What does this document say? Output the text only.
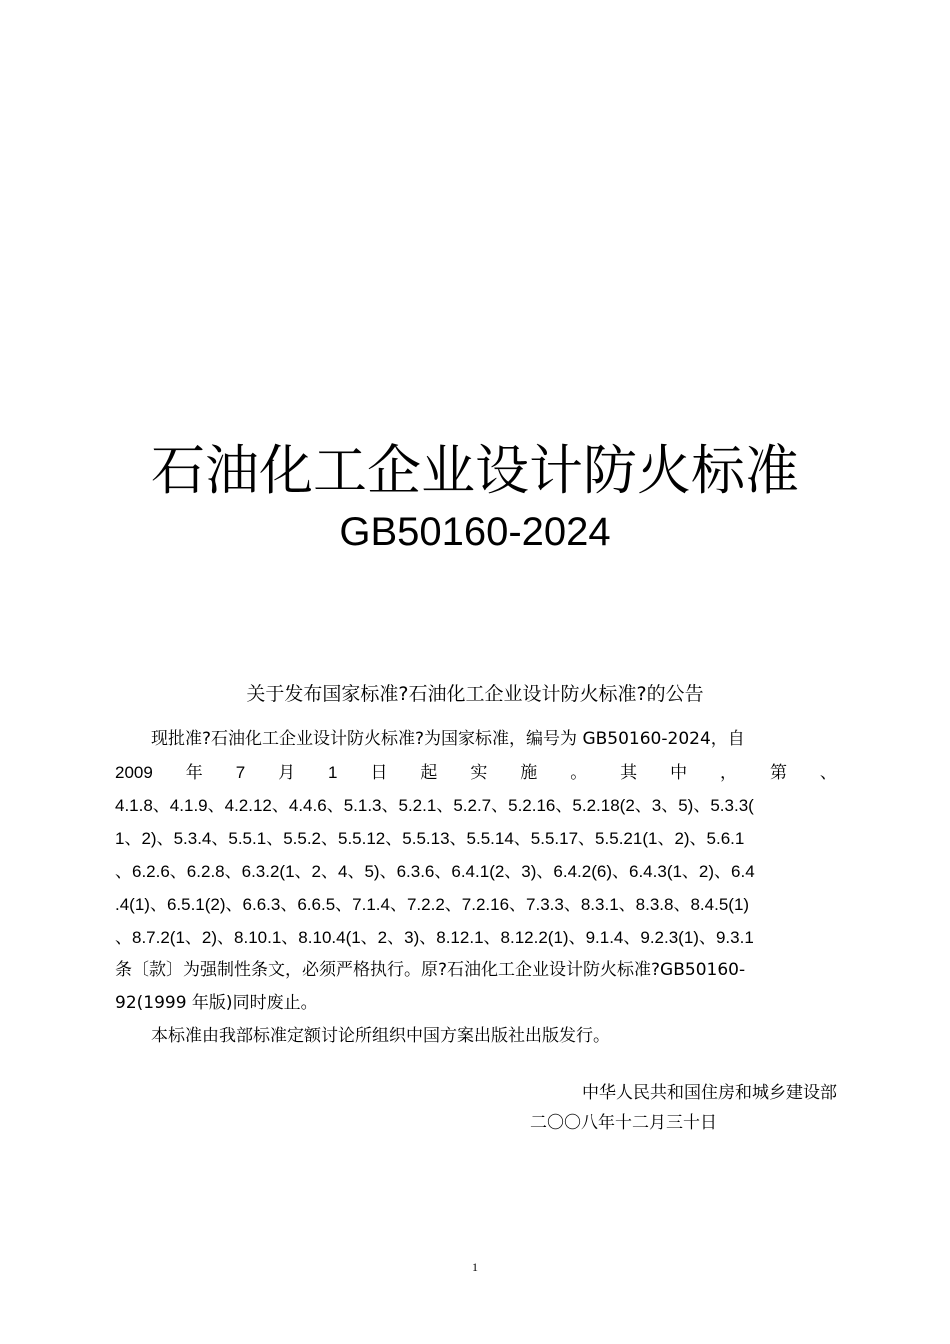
石油化工企业设计防火标准
GB50160-2024
关于发布国家标准?石油化工企业设计防火标准?的公告
现批准?石油化工企业设计防火标准?为国家标准，编号为 GB50160-2024，自
2009 年 7 月 1 日 起 实 施 。 其 中 ， 第 、
4.1.8、4.1.9、4.2.12、4.4.6、5.1.3、5.2.1、5.2.7、5.2.16、5.2.18(2、3、5)、5.3.3(
1、2)、5.3.4、5.5.1、5.5.2、5.5.12、5.5.13、5.5.14、5.5.17、5.5.21(1、2)、5.6.1
、6.2.6、6.2.8、6.3.2(1、2、4、5)、6.3.6、6.4.1(2、3)、6.4.2(6)、6.4.3(1、2)、6.4
.4(1)、6.5.1(2)、6.6.3、6.6.5、7.1.4、7.2.2、7.2.16、7.3.3、8.3.1、8.3.8、8.4.5(1)
、8.7.2(1、2)、8.10.1、8.10.4(1、2、3)、8.12.1、8.12.2(1)、9.1.4、9.2.3(1)、9.3.1
条〔款〕为强制性条文，必须严格执行。原?石油化工企业设计防火标准?GB50160-
92(1999 年版)同时废止。
本标准由我部标准定额讨论所组织中国方案出版社出版发行。
中华人民共和国住房和城乡建设部
二〇〇八年十二月三十日
1
